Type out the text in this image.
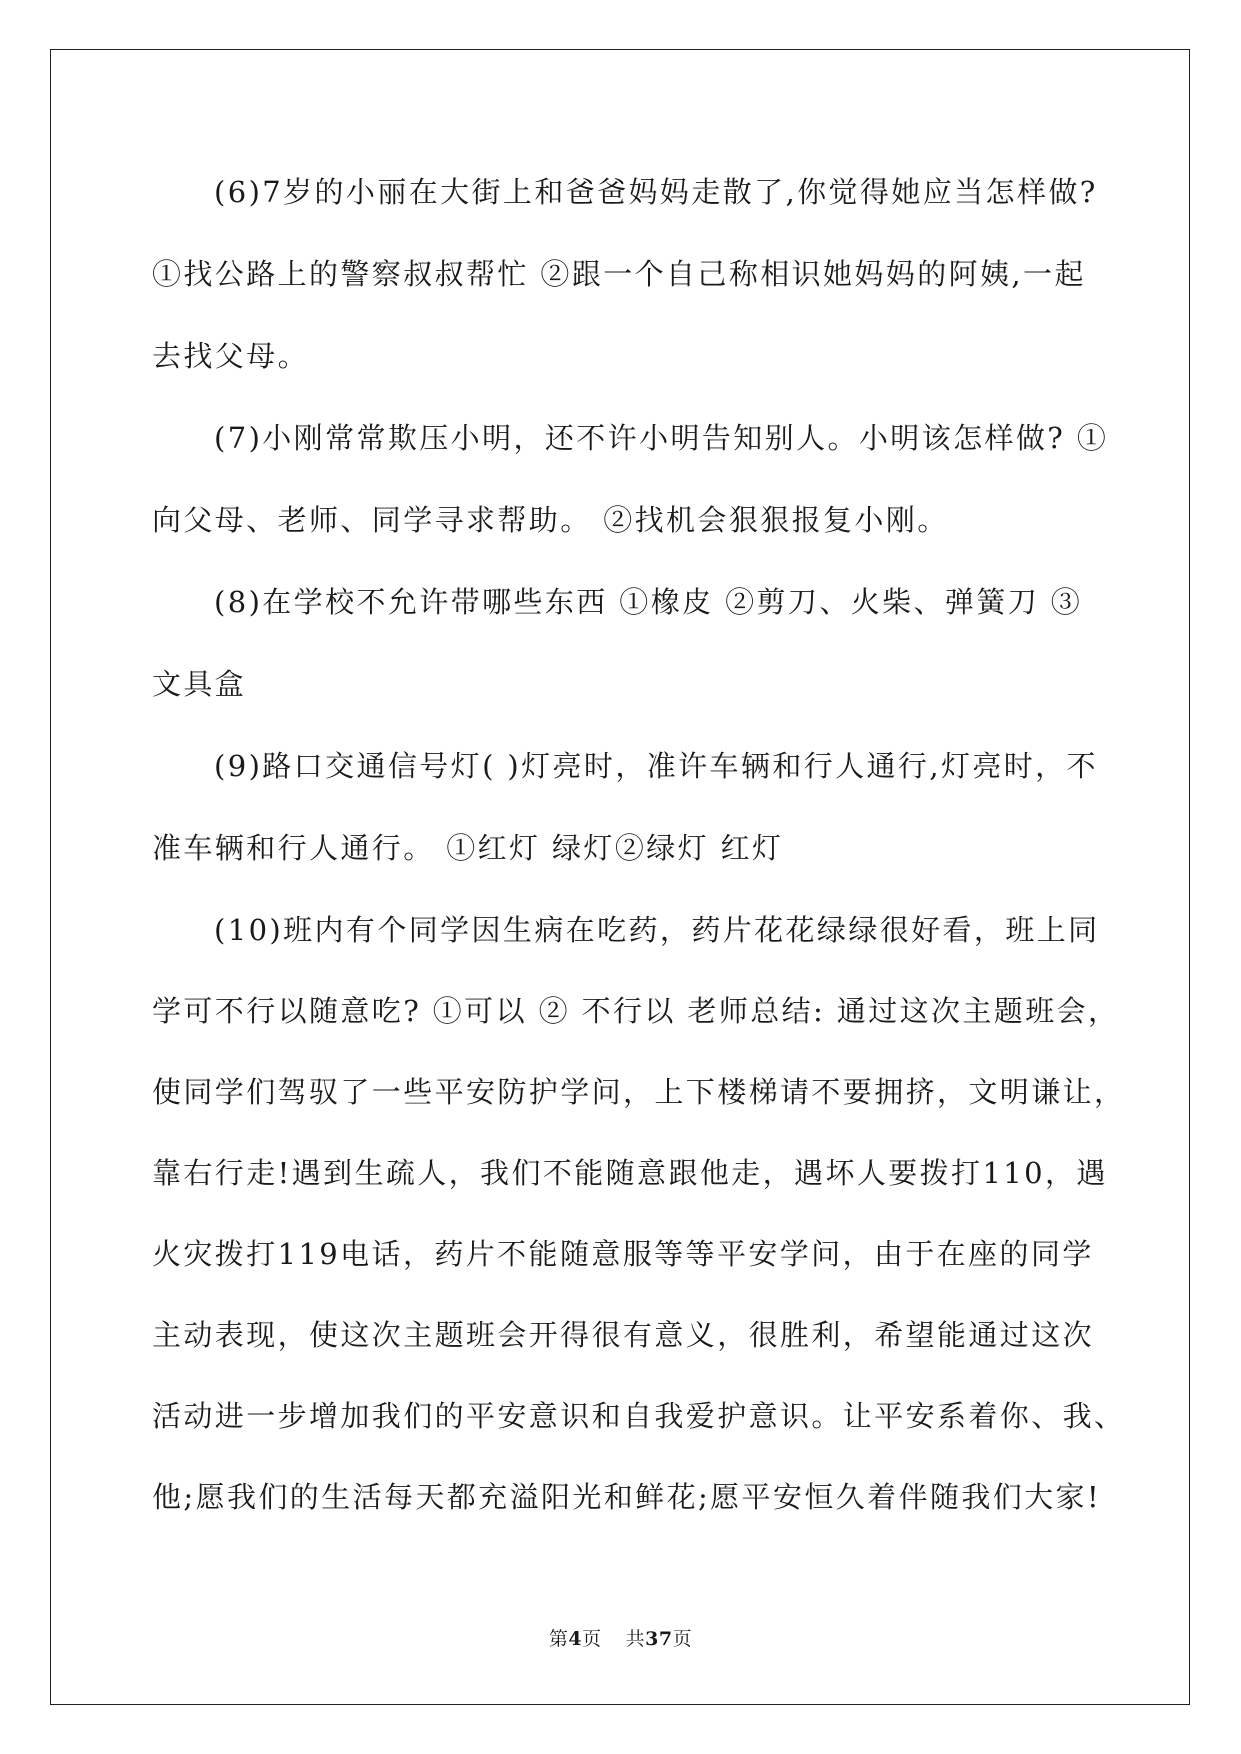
(6)7岁的小丽在大街上和爸爸妈妈走散了,你觉得她应当怎样做?
①找公路上的警察叔叔帮忙 ②跟一个自己称相识她妈妈的阿姨,一起
去找父母。
(7)小刚常常欺压小明，还不许小明告知别人。小明该怎样做? ①
向父母、老师、同学寻求帮助。 ②找机会狠狠报复小刚。
(8)在学校不允许带哪些东西 ①橡皮 ②剪刀、火柴、弹簧刀 ③
文具盒
(9)路口交通信号灯( )灯亮时，准许车辆和行人通行,灯亮时，不
准车辆和行人通行。 ①红灯 绿灯②绿灯 红灯
(10)班内有个同学因生病在吃药，药片花花绿绿很好看，班上同
学可不行以随意吃? ①可以 ② 不行以 老师总结: 通过这次主题班会，
使同学们驾驭了一些平安防护学问，上下楼梯请不要拥挤，文明谦让，
靠右行走!遇到生疏人，我们不能随意跟他走，遇坏人要拨打110，遇
火灾拨打119电话，药片不能随意服等等平安学问，由于在座的同学
主动表现，使这次主题班会开得很有意义，很胜利，希望能通过这次
活动进一步增加我们的平安意识和自我爱护意识。让平安系着你、我、
他;愿我们的生活每天都充溢阳光和鲜花;愿平安恒久着伴随我们大家!
第4页 共37页
